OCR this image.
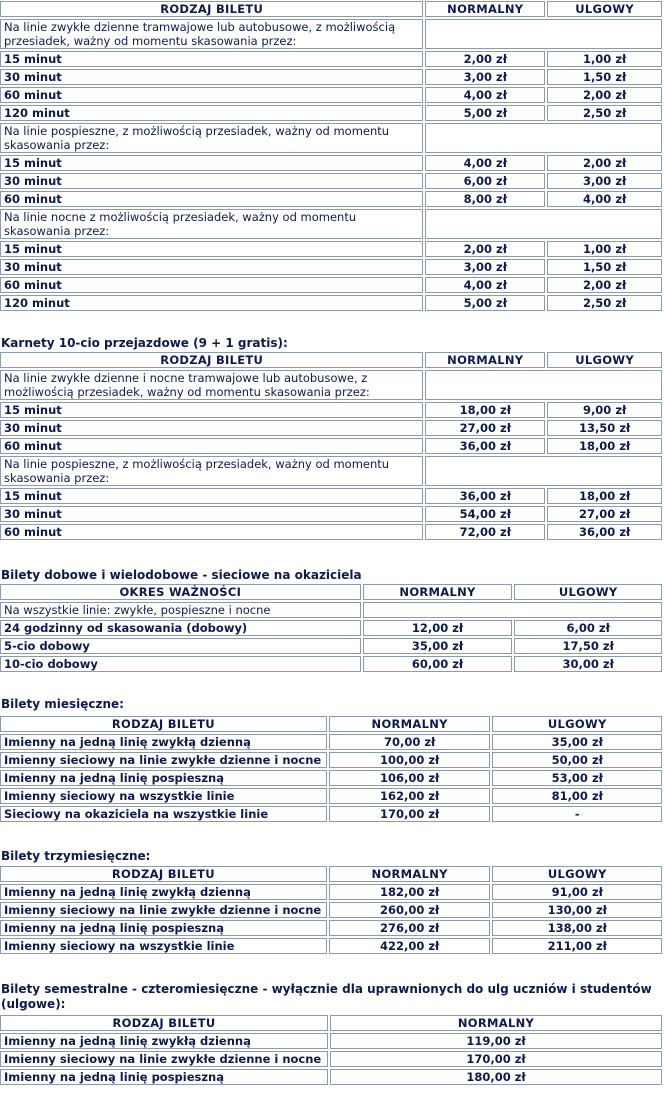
RODZAJ BILETU	NORMALNY	ULGOWY
Na linie zwykłe dzienne tramwajowe lub autobusowe, z możliwością przesiadek, ważny od momentu skasowania przez:		
15 minut	2,00 zł	1,00 zł
30 minut	3,00 zł	1,50 zł
60 minut	4,00 zł	2,00 zł
120 minut	5,00 zł	2,50 zł
Na linie pospieszne, z możliwością przesiadek, ważny od momentu skasowania przez:		
15 minut	4,00 zł	2,00 zł
30 minut	6,00 zł	3,00 zł
60 minut	8,00 zł	4,00 zł
Na linie nocne z możliwością przesiadek, ważny od momentu skasowania przez:		
15 minut	2,00 zł	1,00 zł
30 minut	3,00 zł	1,50 zł
60 minut	4,00 zł	2,00 zł
120 minut	5,00 zł	2,50 zł
Karnety 10-cio przejazdowe (9 + 1 gratis):
RODZAJ BILETU	NORMALNY	ULGOWY
Na linie zwykłe dzienne i nocne tramwajowe lub autobusowe, z możliwością przesiadek, ważny od momentu skasowania przez:		
15 minut	18,00 zł	9,00 zł
30 minut	27,00 zł	13,50 zł
60 minut	36,00 zł	18,00 zł
Na linie pospieszne, z możliwością przesiadek, ważny od momentu skasowania przez:		
15 minut	36,00 zł	18,00 zł
30 minut	54,00 zł	27,00 zł
60 minut	72,00 zł	36,00 zł
Bilety dobowe i wielodobowe - sieciowe na okaziciela
OKRES WAŻNOŚCI	NORMALNY	ULGOWY
Na wszystkie linie: zwykłe, pospieszne i nocne		
24 godzinny od skasowania (dobowy)	12,00 zł	6,00 zł
5-cio dobowy	35,00 zł	17,50 zł
10-cio dobowy	60,00 zł	30,00 zł
Bilety miesięczne:
RODZAJ BILETU	NORMALNY	ULGOWY
Imienny na jedną linię zwykłą dzienną	70,00 zł	35,00 zł
Imienny sieciowy na linie zwykłe dzienne i nocne	100,00 zł	50,00 zł
Imienny na jedną linię pospieszną	106,00 zł	53,00 zł
Imienny sieciowy na wszystkie linie	162,00 zł	81,00 zł
Sieciowy na okaziciela na wszystkie linie	170,00 zł	-
Bilety trzymiesięczne:
RODZAJ BILETU	NORMALNY	ULGOWY
Imienny na jedną linię zwykłą dzienną	182,00 zł	91,00 zł
Imienny sieciowy na linie zwykłe dzienne i nocne	260,00 zł	130,00 zł
Imienny na jedną linię pospieszną	276,00 zł	138,00 zł
Imienny sieciowy na wszystkie linie	422,00 zł	211,00 zł
Bilety semestralne - czteromiesięczne - wyłącznie dla uprawnionych do ulg uczniów i studentów (ulgowe):
RODZAJ BILETU	NORMALNY
Imienny na jedną linię zwykłą dzienną	119,00 zł
Imienny sieciowy na linie zwykłe dzienne i nocne	170,00 zł
Imienny na jedną linię pospieszną	180,00 zł
